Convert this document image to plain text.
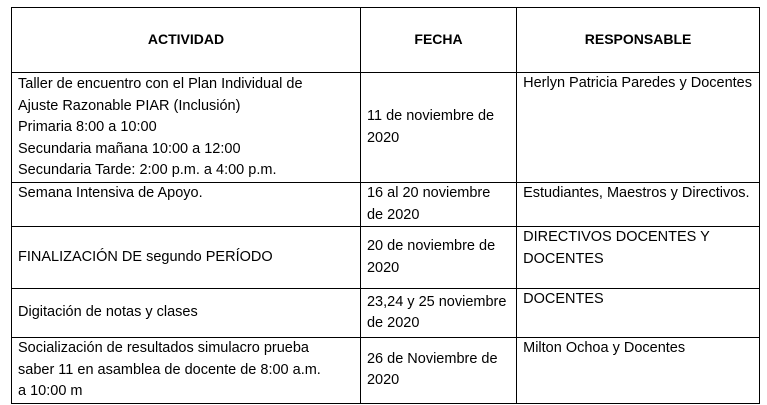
ACTIVIDAD	FECHA	RESPONSABLE

Taller de encuentro con el Plan Individual de
Ajuste Razonable PIAR (Inclusión)
Primaria 8:00 a 10:00
Secundaria mañana 10:00 a 12:00
Secundaria Tarde: 2:00 p.m. a 4:00 p.m.	11 de noviembre de 2020	Herlyn Patricia Paredes y Docentes

Semana Intensiva de Apoyo.	16 al 20 noviembre de 2020	Estudiantes, Maestros y Directivos.

FINALIZACIÓN DE segundo PERÍODO	20 de noviembre de 2020	DIRECTIVOS DOCENTES Y DOCENTES

Digitación de notas y clases	23,24 y 25 noviembre de 2020	DOCENTES

Socialización de resultados simulacro prueba
saber 11 en asamblea de docente de 8:00 a.m.
a 10:00 m	26 de Noviembre de 2020	Milton Ochoa y Docentes
